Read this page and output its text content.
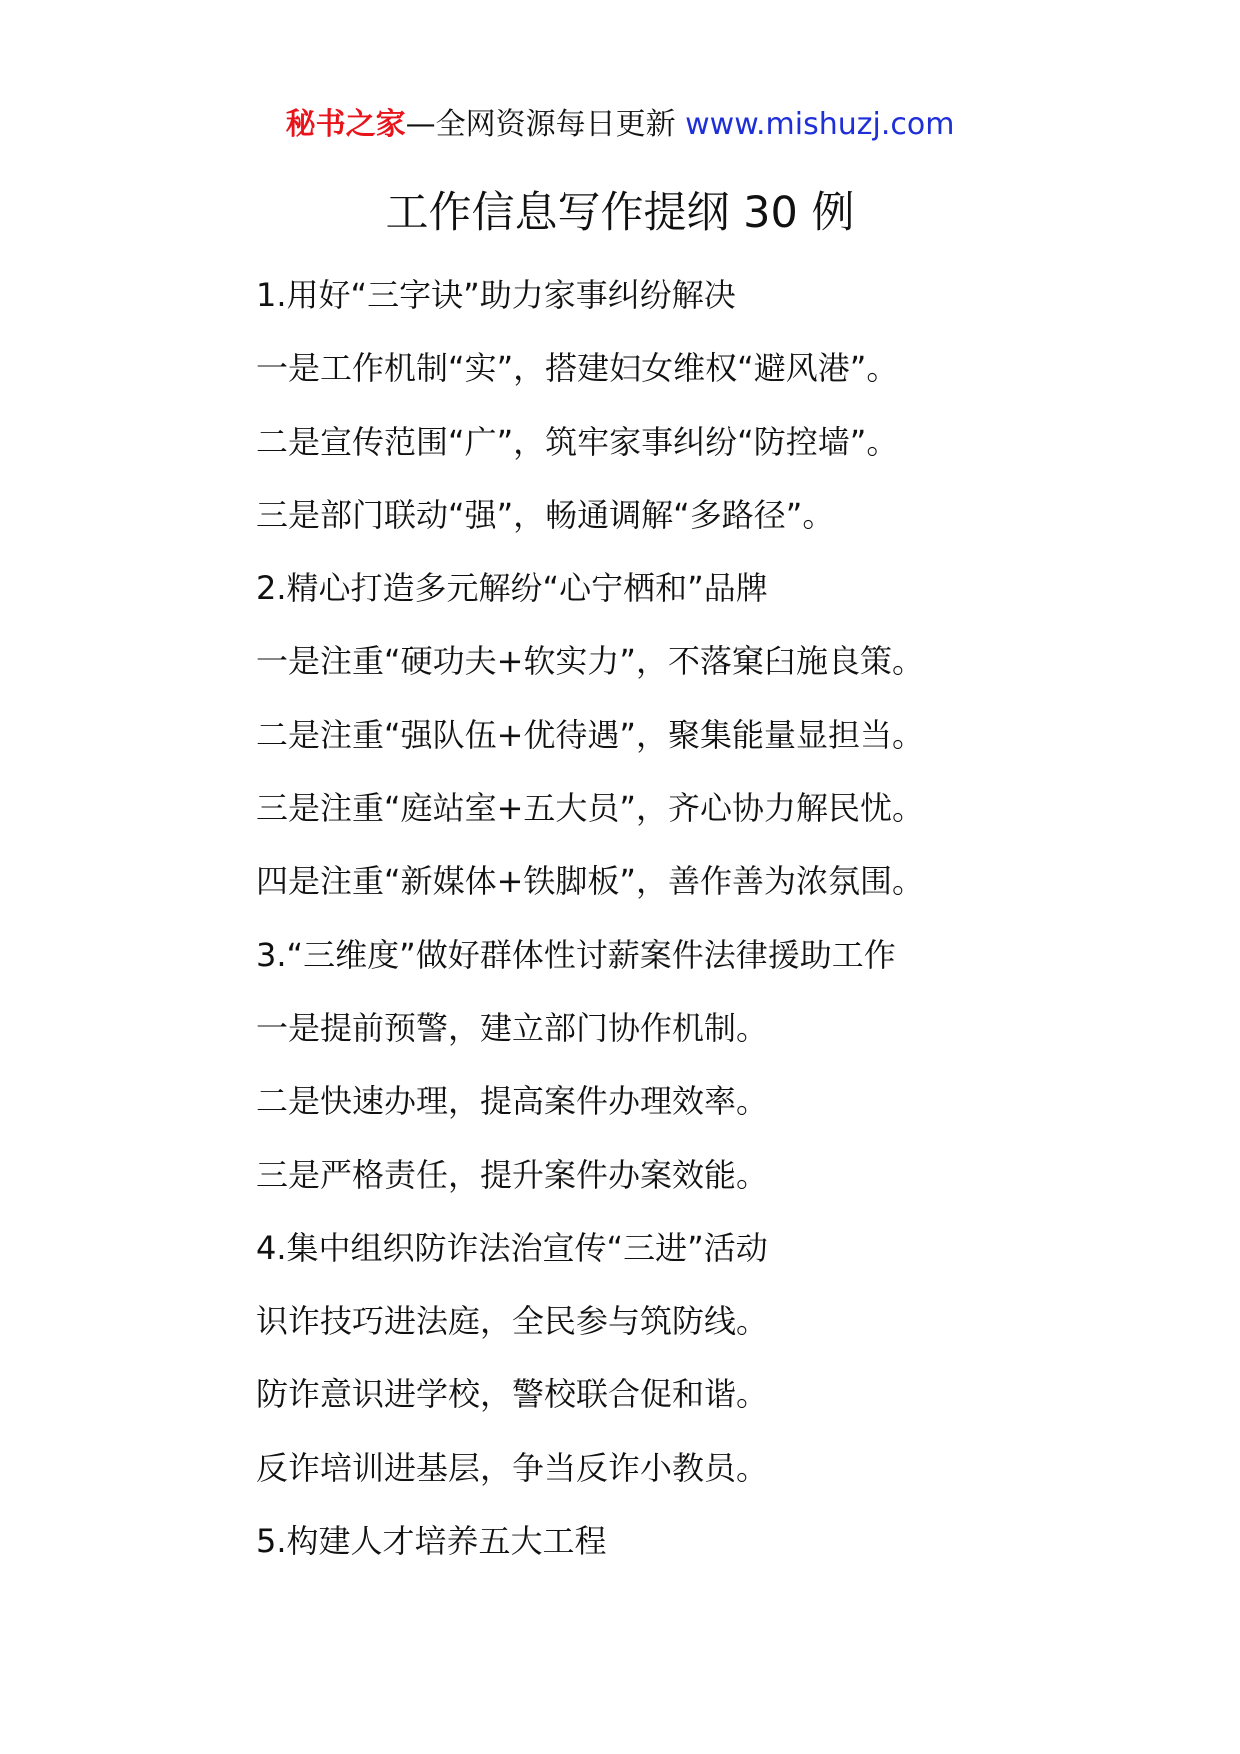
秘书之家—全网资源每日更新 www.mishuzj.com
工作信息写作提纲 30 例
1.用好“三字诀”助力家事纠纷解决
一是工作机制“实”，搭建妇女维权“避风港”。
二是宣传范围“广”，筑牢家事纠纷“防控墙”。
三是部门联动“强”，畅通调解“多路径”。
2.精心打造多元解纷“心宁栖和”品牌
一是注重“硬功夫+软实力”，不落窠臼施良策。
二是注重“强队伍+优待遇”，聚集能量显担当。
三是注重“庭站室+五大员”，齐心协力解民忧。
四是注重“新媒体+铁脚板”，善作善为浓氛围。
3.“三维度”做好群体性讨薪案件法律援助工作
一是提前预警，建立部门协作机制。
二是快速办理，提高案件办理效率。
三是严格责任，提升案件办案效能。
4.集中组织防诈法治宣传“三进”活动
识诈技巧进法庭，全民参与筑防线。
防诈意识进学校，警校联合促和谐。
反诈培训进基层，争当反诈小教员。
5.构建人才培养五大工程
